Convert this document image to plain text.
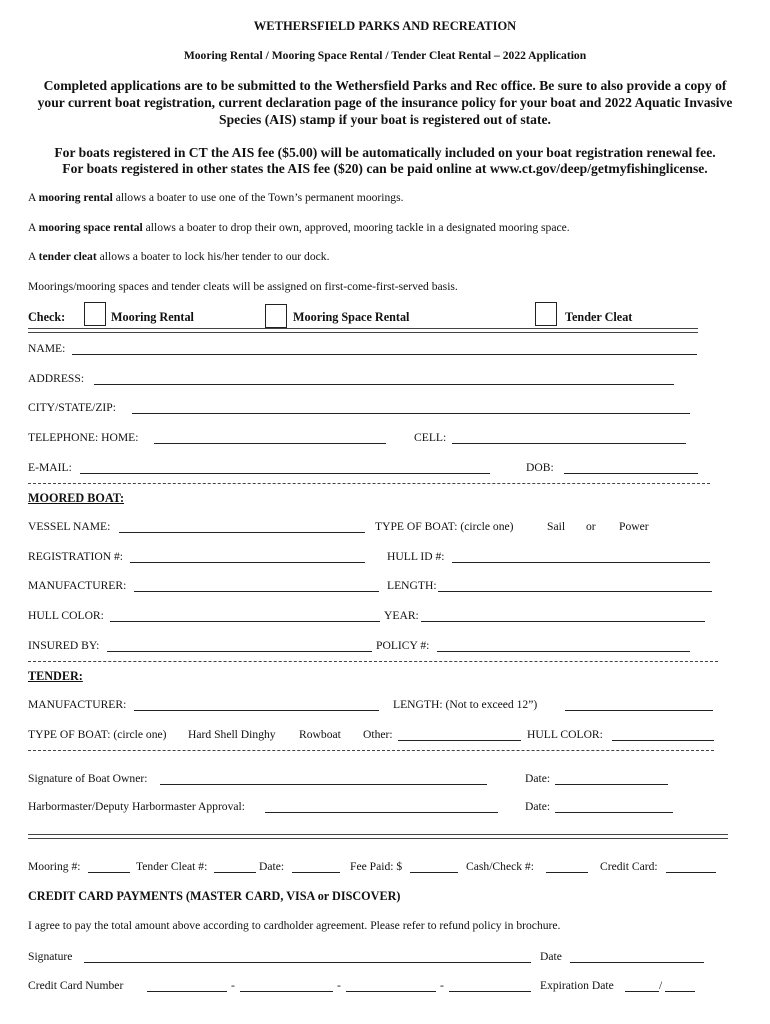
WETHERSFIELD PARKS AND RECREATION
Mooring Rental / Mooring Space Rental / Tender Cleat Rental – 2022 Application
Completed applications are to be submitted to the Wethersfield Parks and Rec office. Be sure to also provide a copy of
your current boat registration, current declaration page of the insurance policy for your boat and 2022 Aquatic Invasive
Species (AIS) stamp if your boat is registered out of state.
For boats registered in CT the AIS fee ($5.00) will be automatically included on your boat registration renewal fee.
For boats registered in other states the AIS fee ($20) can be paid online at www.ct.gov/deep/getmyfishinglicense.
A mooring rental allows a boater to use one of the Town’s permanent moorings.
A mooring space rental allows a boater to drop their own, approved, mooring tackle in a designated mooring space.
A tender cleat allows a boater to lock his/her tender to our dock.
Moorings/mooring spaces and tender cleats will be assigned on first-come-first-served basis.
Check:	Mooring Rental	Mooring Space Rental	Tender Cleat
NAME:
ADDRESS:
CITY/STATE/ZIP:
TELEPHONE: HOME:	CELL:
E-MAIL:	DOB:
MOORED BOAT:
VESSEL NAME:	TYPE OF BOAT: (circle one)	Sail or Power
REGISTRATION #:	HULL ID #:
MANUFACTURER:	LENGTH:
HULL COLOR:	YEAR:
INSURED BY:	POLICY #:
TENDER:
MANUFACTURER:	LENGTH: (Not to exceed 12”)
TYPE OF BOAT: (circle one) Hard Shell Dinghy Rowboat Other:	HULL COLOR:
Signature of Boat Owner:	Date:
Harbormaster/Deputy Harbormaster Approval:	Date:
Mooring #:	Tender Cleat #:	Date:	Fee Paid: $	Cash/Check #:	Credit Card:
CREDIT CARD PAYMENTS (MASTER CARD, VISA or DISCOVER)
I agree to pay the total amount above according to cardholder agreement. Please refer to refund policy in brochure.
Signature	Date
Credit Card Number	-	-	-	Expiration Date	/
